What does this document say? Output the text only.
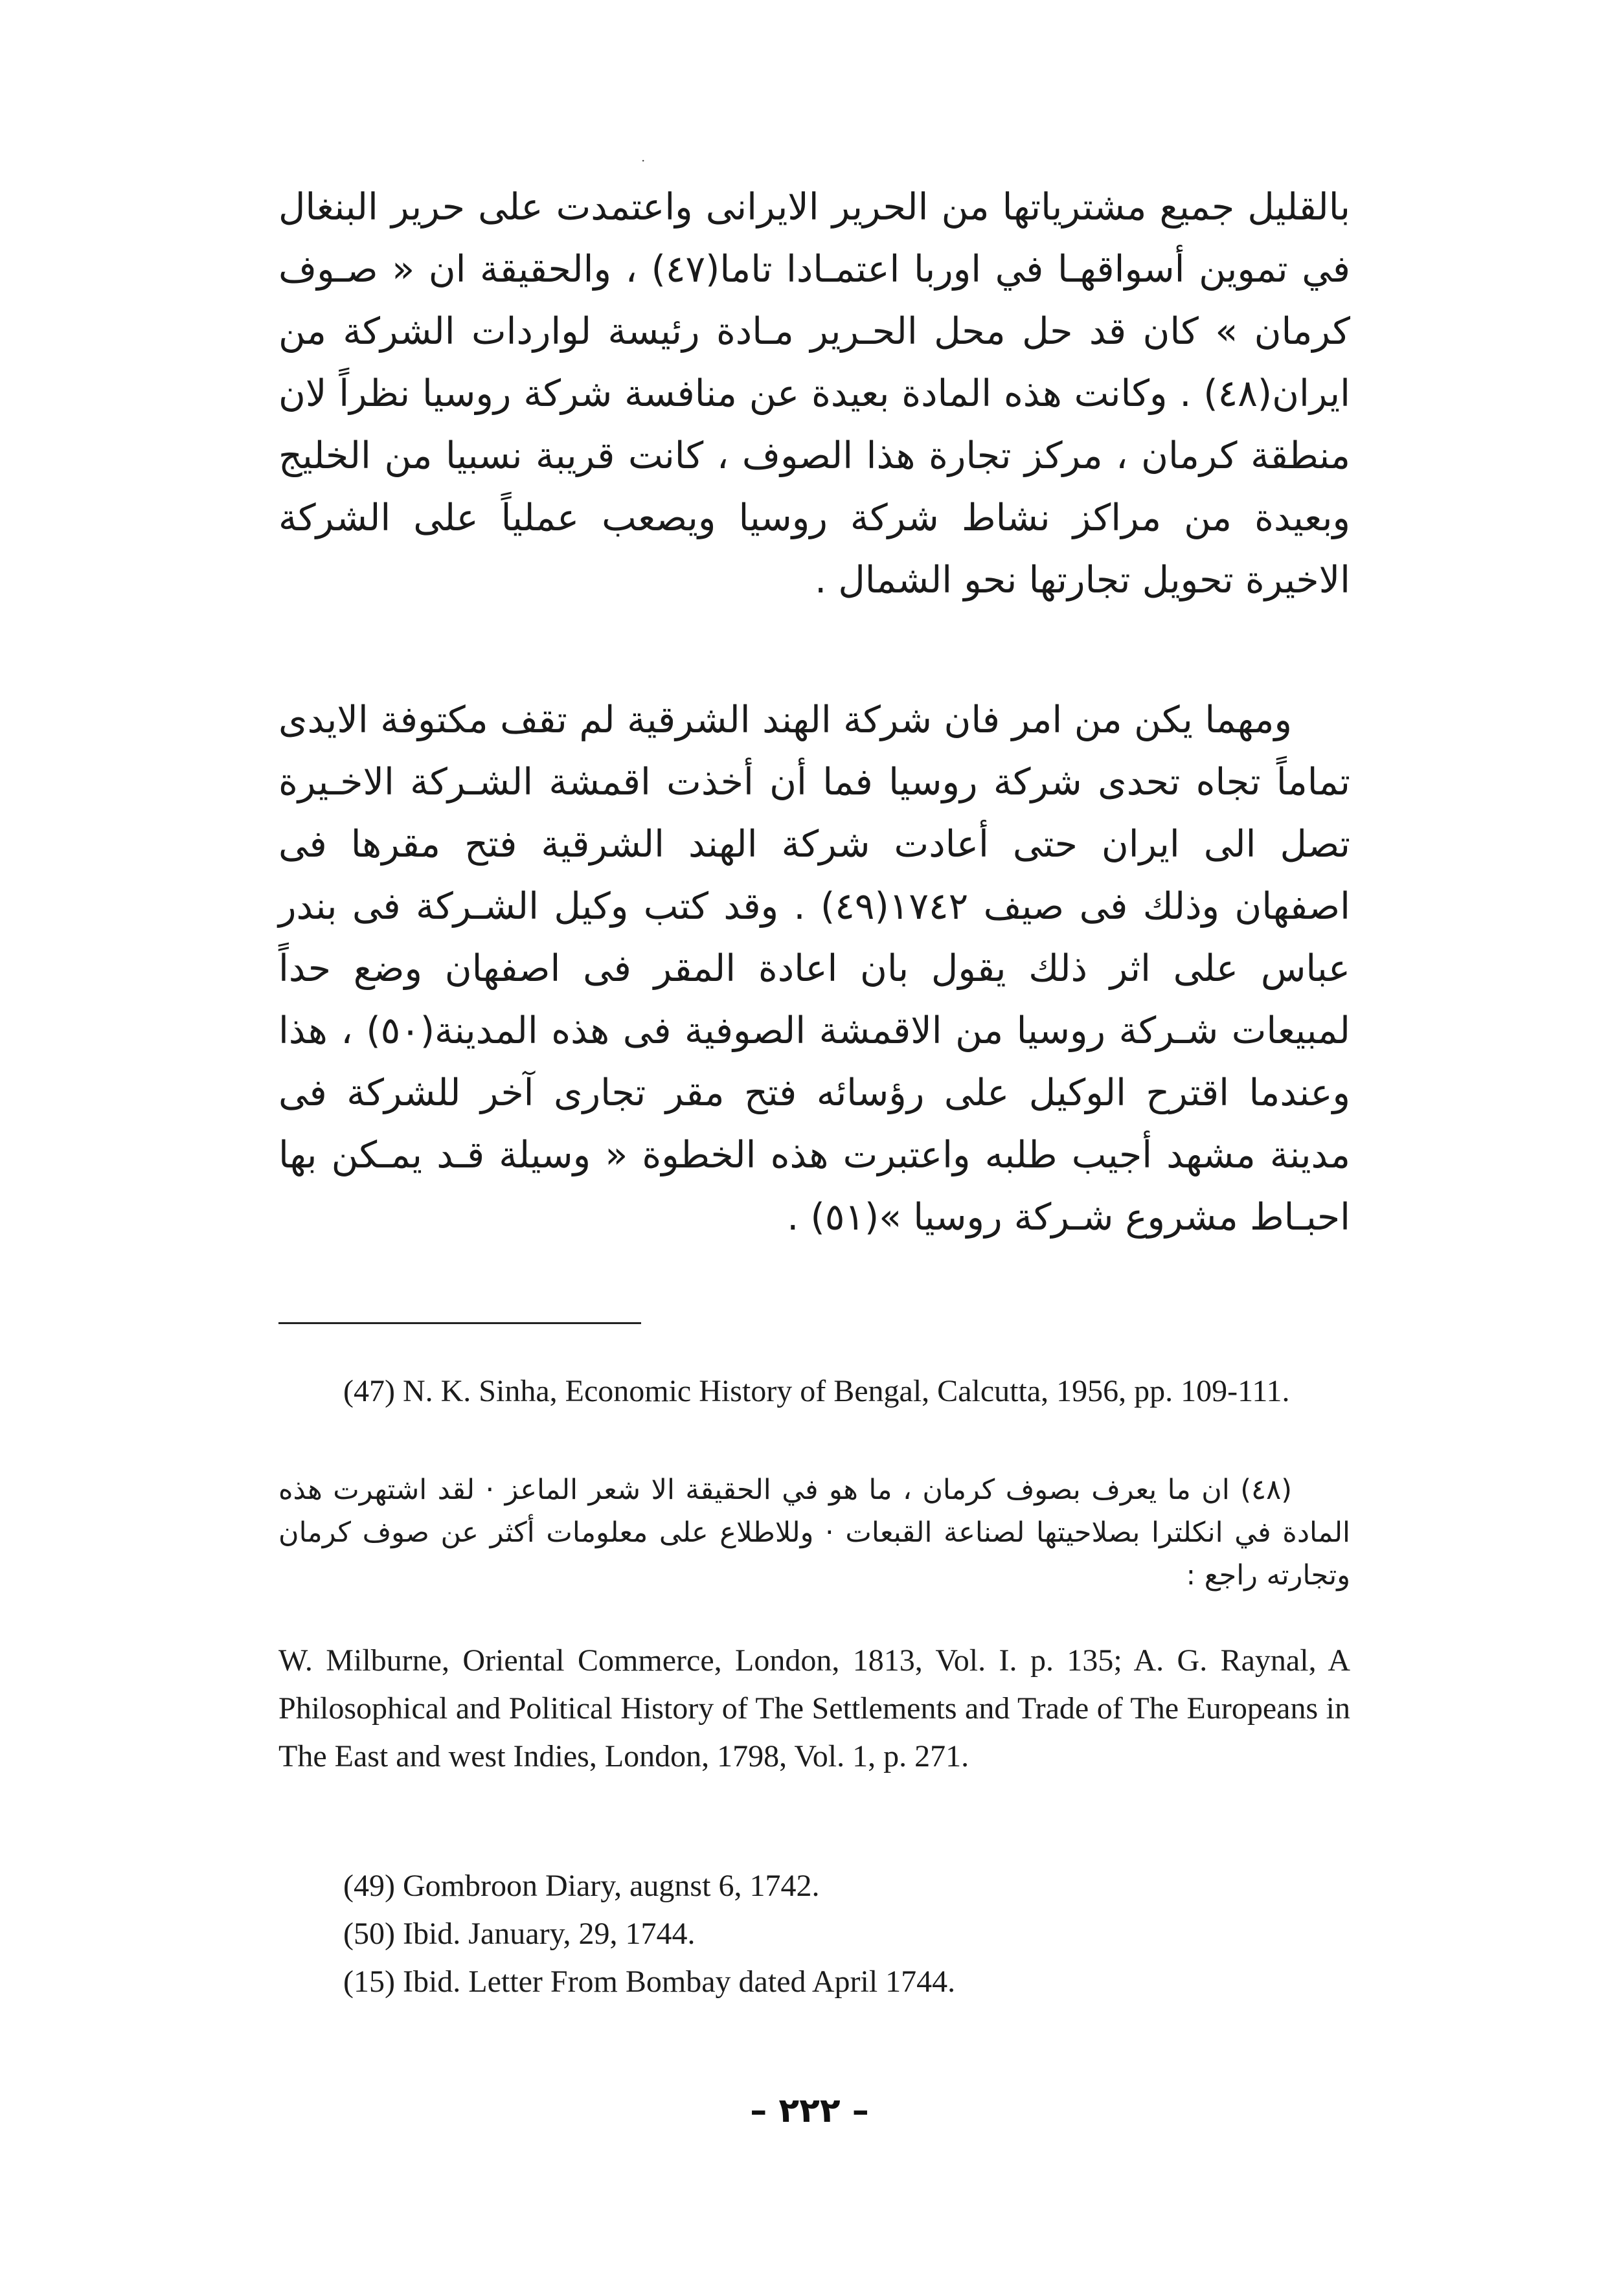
·

بالقليل جميع مشترياتها من الحرير الايرانى واعتمدت على حرير البنغال في تموين أسواقهـا في اوربا اعتمـادا تاما(٤٧) ، والحقيقة ان « صـوف كرمان » كان قد حل محل الحـرير مـادة رئيسة لواردات الشركة من ايران(٤٨) . وكانت هذه المادة بعيدة عن منافسة شركة روسيا نظراً لان منطقة كرمان ، مركز تجارة هذا الصوف ، كانت قريبة نسبيا من الخليج وبعيدة من مراكز نشاط شركة روسيا ويصعب عملياً على الشركة الاخيرة تحويل تجارتها نحو الشمال .

ومهما يكن من امر فان شركة الهند الشرقية لم تقف مكتوفة الايدى تماماً تجاه تحدى شركة روسيا فما أن أخذت اقمشة الشـركة الاخـيرة تصل الى ايران حتى أعادت شركة الهند الشرقية فتح مقرها فى اصفهان وذلك فى صيف ١٧٤٢(٤٩) . وقد كتب وكيل الشـركة فى بندر عباس على اثر ذلك يقول بان اعادة المقر فى اصفهان وضع حداً لمبيعات شـركة روسيا من الاقمشة الصوفية فى هذه المدينة(٥٠) ، هذا وعندما اقترح الوكيل على رؤسائه فتح مقر تجارى آخر للشركة فى مدينة مشهد أجيب طلبه واعتبرت هذه الخطوة « وسيلة قـد يمـكن بها احبـاط مشروع شـركة روسيا »(٥١) .

(47) N. K. Sinha, Economic History of Bengal, Calcutta, 1956, pp. 109-111.

(٤٨) ان ما يعرف بصوف كرمان ، ما هو في الحقيقة الا شعر الماعز · لقد اشتهرت هذه المادة في انكلترا بصلاحيتها لصناعة القبعات · وللاطلاع على معلومات أكثر عن صوف كرمان وتجارته راجع :

W. Milburne, Oriental Commerce, London, 1813, Vol. I. p. 135; A. G. Raynal, A Philosophical and Political History of The Settlements and Trade of The Europeans in The East and west Indies, London, 1798, Vol. 1, p. 271.

(49) Gombroon Diary, augnst 6, 1742.

(50) Ibid. January, 29, 1744.

(15) Ibid. Letter From Bombay dated April 1744.

– ٢٢٢ –
